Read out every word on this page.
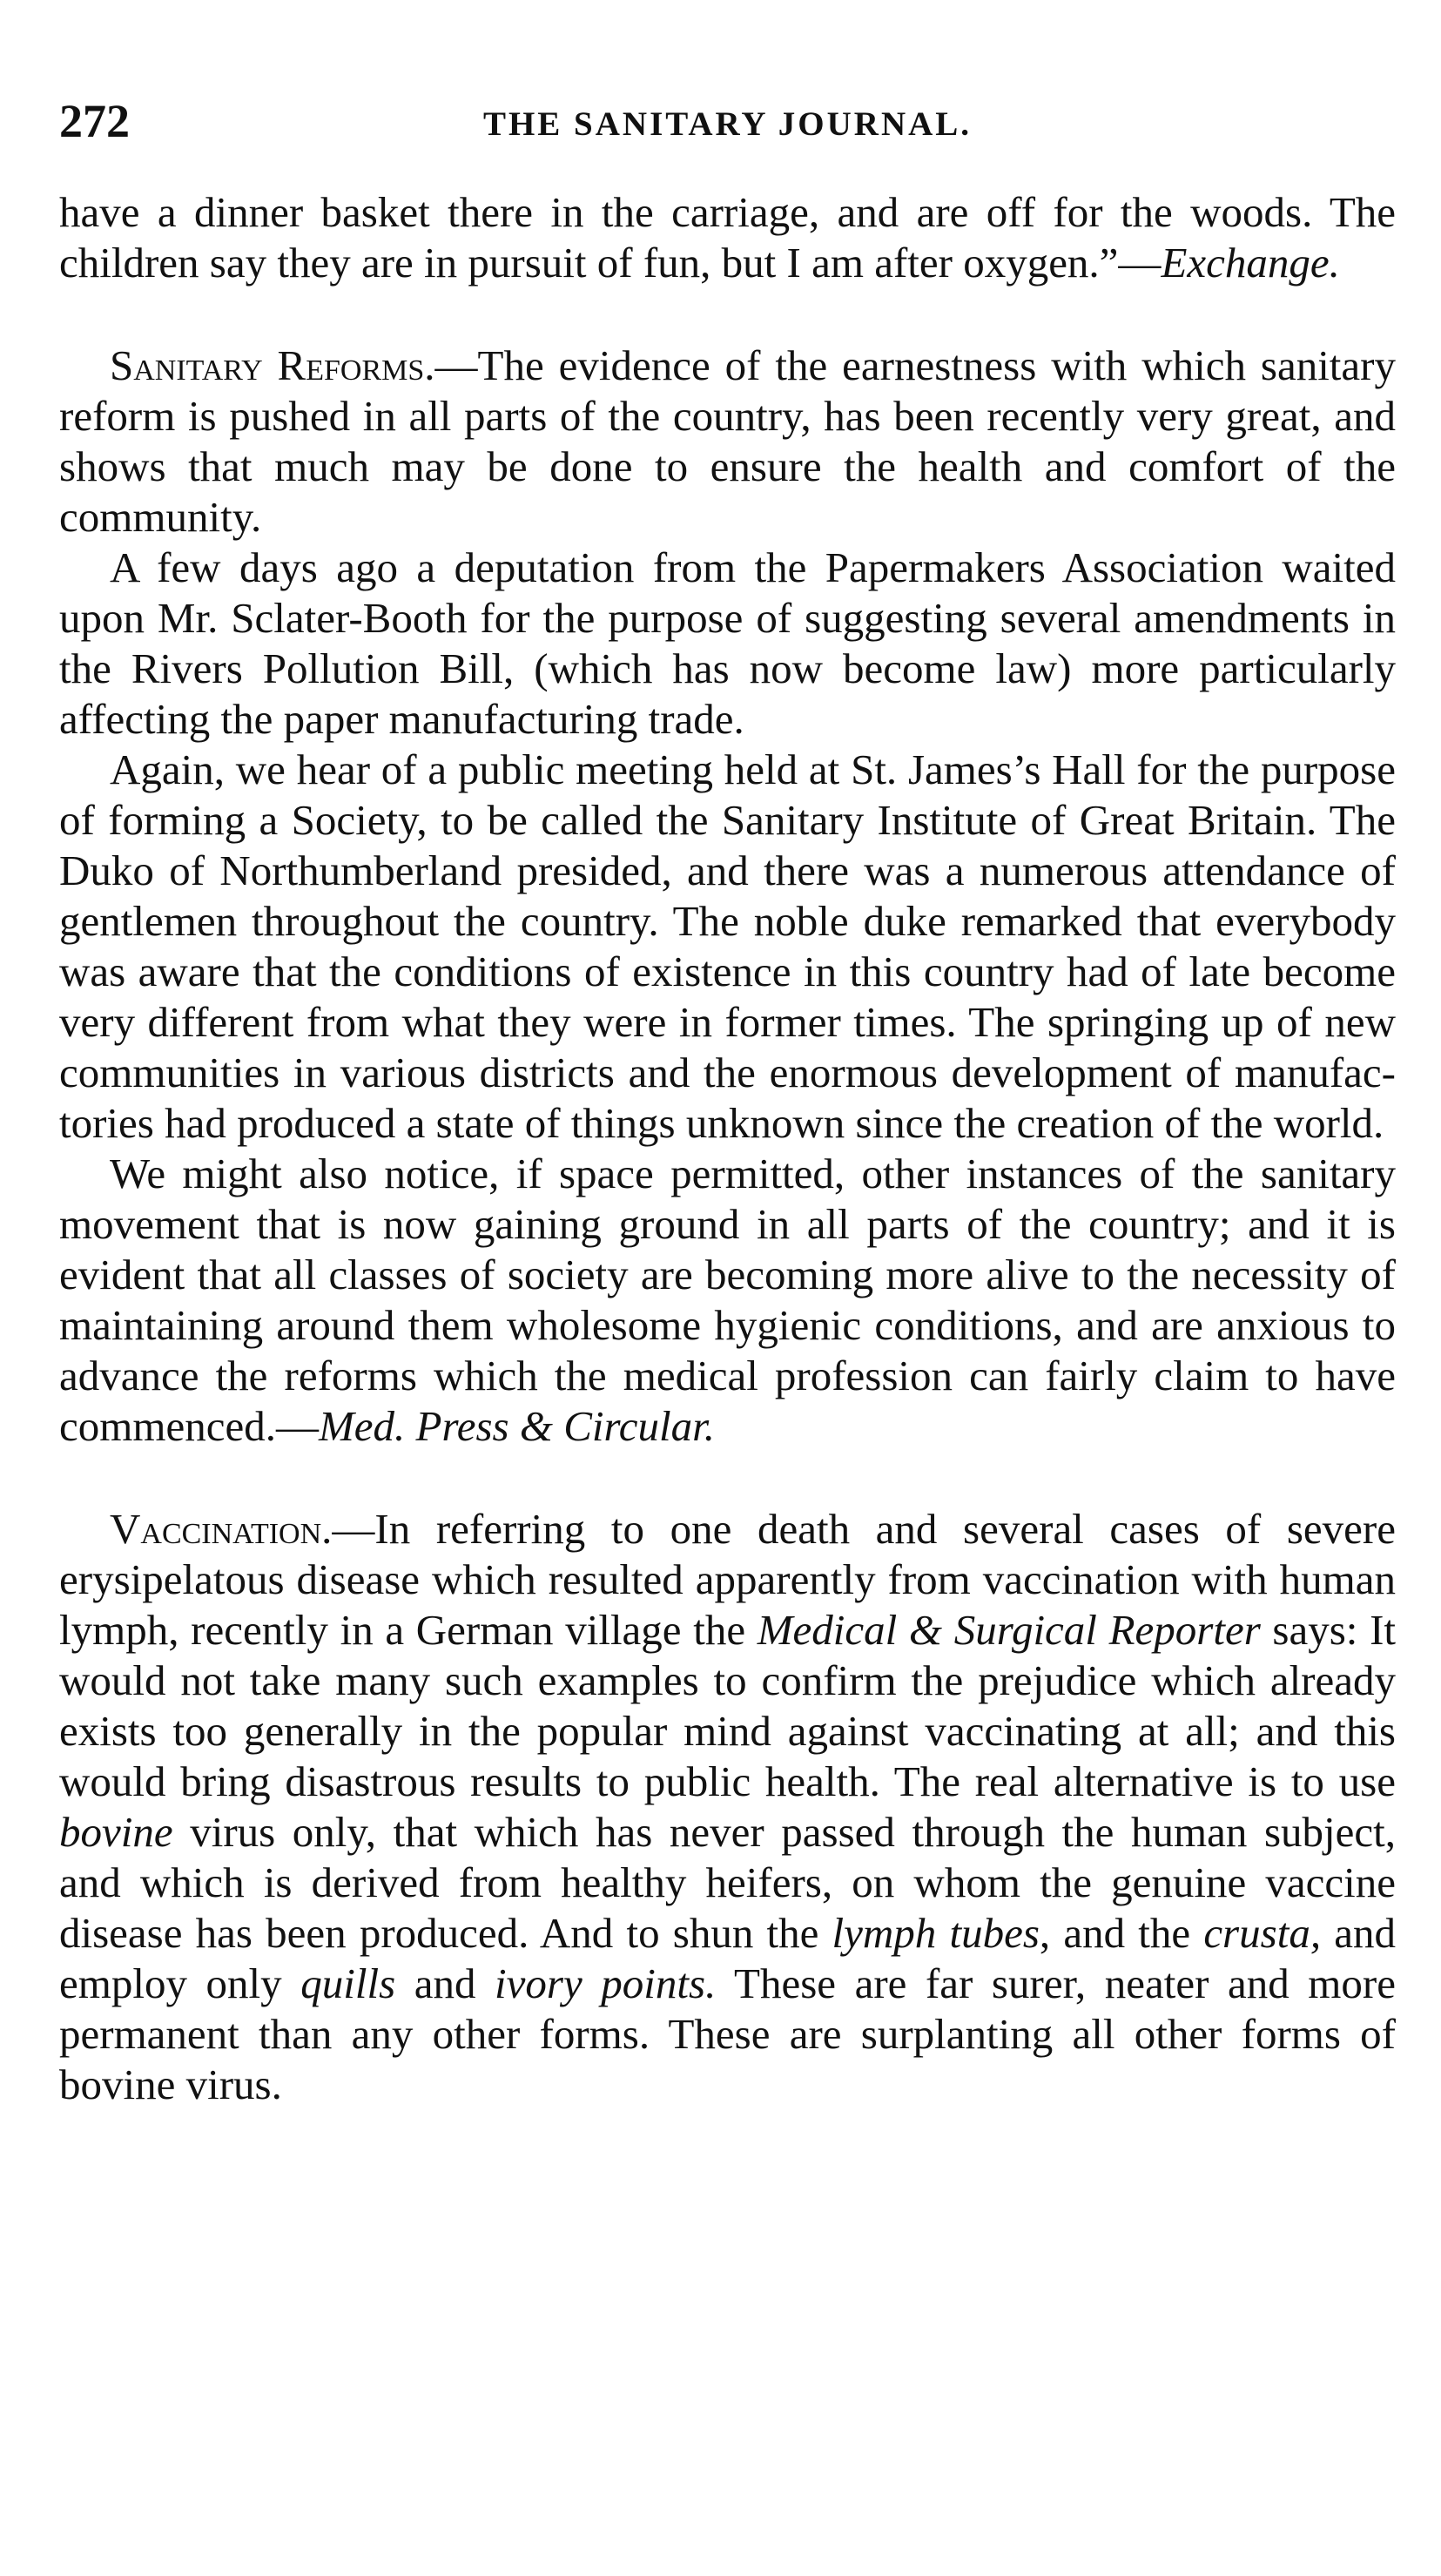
272	THE SANITARY JOURNAL.

have a dinner basket there in the carriage, and are off for the woods. The children say they are in pursuit of fun, but I am after oxygen.”—Exchange.

Sanitary Reforms.—The evidence of the earnestness with which sanitary reform is pushed in all parts of the country, has been recently very great, and shows that much may be done to ensure the health and comfort of the community.

A few days ago a deputation from the Papermakers Association waited upon Mr. Sclater-Booth for the purpose of suggesting several amendments in the Rivers Pollution Bill, (which has now become law) more particularly affecting the paper manufacturing trade.

Again, we hear of a public meeting held at St. James’s Hall for the purpose of forming a Society, to be called the Sanitary Institute of Great Britain. The Duko of Northumberland presided, and there was a numerous attendance of gentlemen throughout the country. The noble duke remarked that everybody was aware that the conditions of existence in this country had of late become very different from what they were in former times. The springing up of new communities in various districts and the enormous development of manufactories had produced a state of things unknown since the creation of the world.

We might also notice, if space permitted, other instances of the sanitary movement that is now gaining ground in all parts of the country; and it is evident that all classes of society are becoming more alive to the necessity of maintaining around them wholesome hygienic conditions, and are anxious to advance the reforms which the medical profession can fairly claim to have commenced.—Med. Press & Circular.

Vaccination.—In referring to one death and several cases of severe erysipelatous disease which resulted apparently from vaccination with human lymph, recently in a German village the Medical & Surgical Reporter says: It would not take many such examples to confirm the prejudice which already exists too generally in the popular mind against vaccinating at all; and this would bring disastrous results to public health. The real alternative is to use bovine virus only, that which has never passed through the human subject, and which is derived from healthy heifers, on whom the genuine vaccine disease has been produced. And to shun the lymph tubes, and the crusta, and employ only quills and ivory points. These are far surer, neater and more permanent than any other forms. These are surplanting all other forms of bovine virus.
